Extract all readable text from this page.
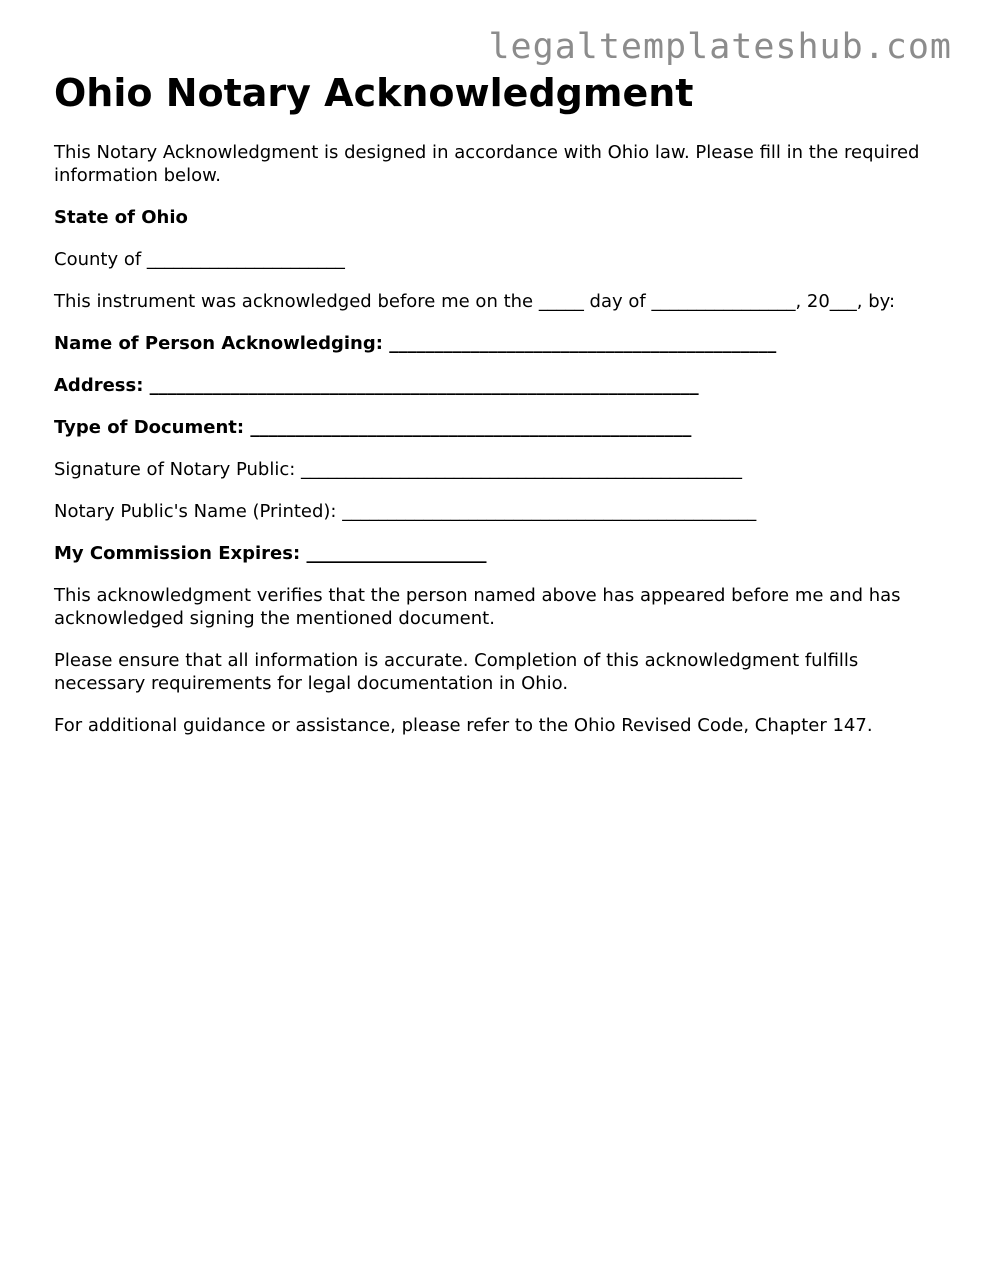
legaltemplateshub.com
Ohio Notary Acknowledgment

This Notary Acknowledgment is designed in accordance with Ohio law. Please fill in the required information below.

State of Ohio

County of ______________________

This instrument was acknowledged before me on the _____ day of ________________, 20___, by:

Name of Person Acknowledging: ___________________________________________

Address: _____________________________________________________________

Type of Document: _________________________________________________

Signature of Notary Public: _________________________________________________

Notary Public's Name (Printed): ______________________________________________

My Commission Expires: ____________________

This acknowledgment verifies that the person named above has appeared before me and has acknowledged signing the mentioned document.

Please ensure that all information is accurate. Completion of this acknowledgment fulfills necessary requirements for legal documentation in Ohio.

For additional guidance or assistance, please refer to the Ohio Revised Code, Chapter 147.
